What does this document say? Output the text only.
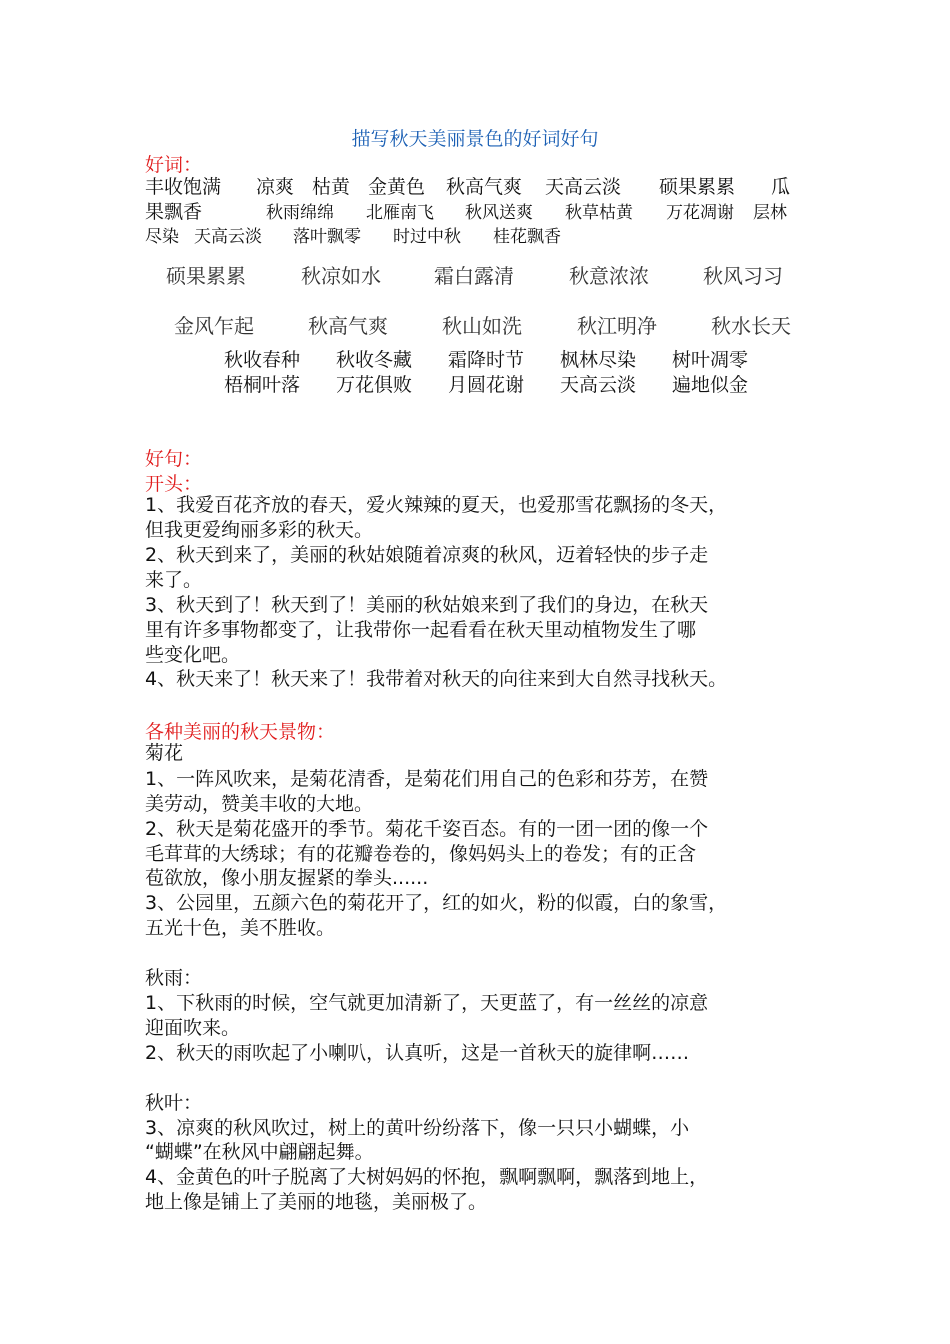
描写秋天美丽景色的好词好句
好词：
丰收饱满 凉爽 枯黄 金黄色 秋高气爽 天高云淡 硕果累累 瓜
果飘香	秋雨绵绵 北雁南飞 秋风送爽 秋草枯黄 万花凋谢 层林
尽染 天高云淡 落叶飘零 时过中秋 桂花飘香
硕果累累	秋凉如水	霜白露清	秋意浓浓	秋风习习
金风乍起	秋高气爽	秋山如洗	秋江明净	秋水长天
秋收春种 秋收冬藏 霜降时节 枫林尽染 树叶凋零
梧桐叶落 万花俱败 月圆花谢 天高云淡 遍地似金
好句：
开头：
1、我爱百花齐放的春天，爱火辣辣的夏天，也爱那雪花飘扬的冬天，
但我更爱绚丽多彩的秋天。
2、秋天到来了，美丽的秋姑娘随着凉爽的秋风，迈着轻快的步子走
来了。
3、秋天到了！秋天到了！美丽的秋姑娘来到了我们的身边，在秋天
里有许多事物都变了，让我带你一起看看在秋天里动植物发生了哪
些变化吧。
4、秋天来了！秋天来了！我带着对秋天的向往来到大自然寻找秋天。
各种美丽的秋天景物：
菊花
1、一阵风吹来，是菊花清香，是菊花们用自己的色彩和芬芳，在赞
美劳动，赞美丰收的大地。
2、秋天是菊花盛开的季节。菊花千姿百态。有的一团一团的像一个
毛茸茸的大绣球；有的花瓣卷卷的，像妈妈头上的卷发；有的正含
苞欲放，像小朋友握紧的拳头......
3、公园里，五颜六色的菊花开了，红的如火，粉的似霞，白的象雪，
五光十色，美不胜收。
秋雨：
1、下秋雨的时候，空气就更加清新了，天更蓝了，有一丝丝的凉意
迎面吹来。
2、秋天的雨吹起了小喇叭，认真听，这是一首秋天的旋律啊……
秋叶：
3、凉爽的秋风吹过，树上的黄叶纷纷落下，像一只只小蝴蝶，小
“蝴蝶”在秋风中翩翩起舞。
4、金黄色的叶子脱离了大树妈妈的怀抱，飘啊飘啊，飘落到地上，
地上像是铺上了美丽的地毯，美丽极了。
